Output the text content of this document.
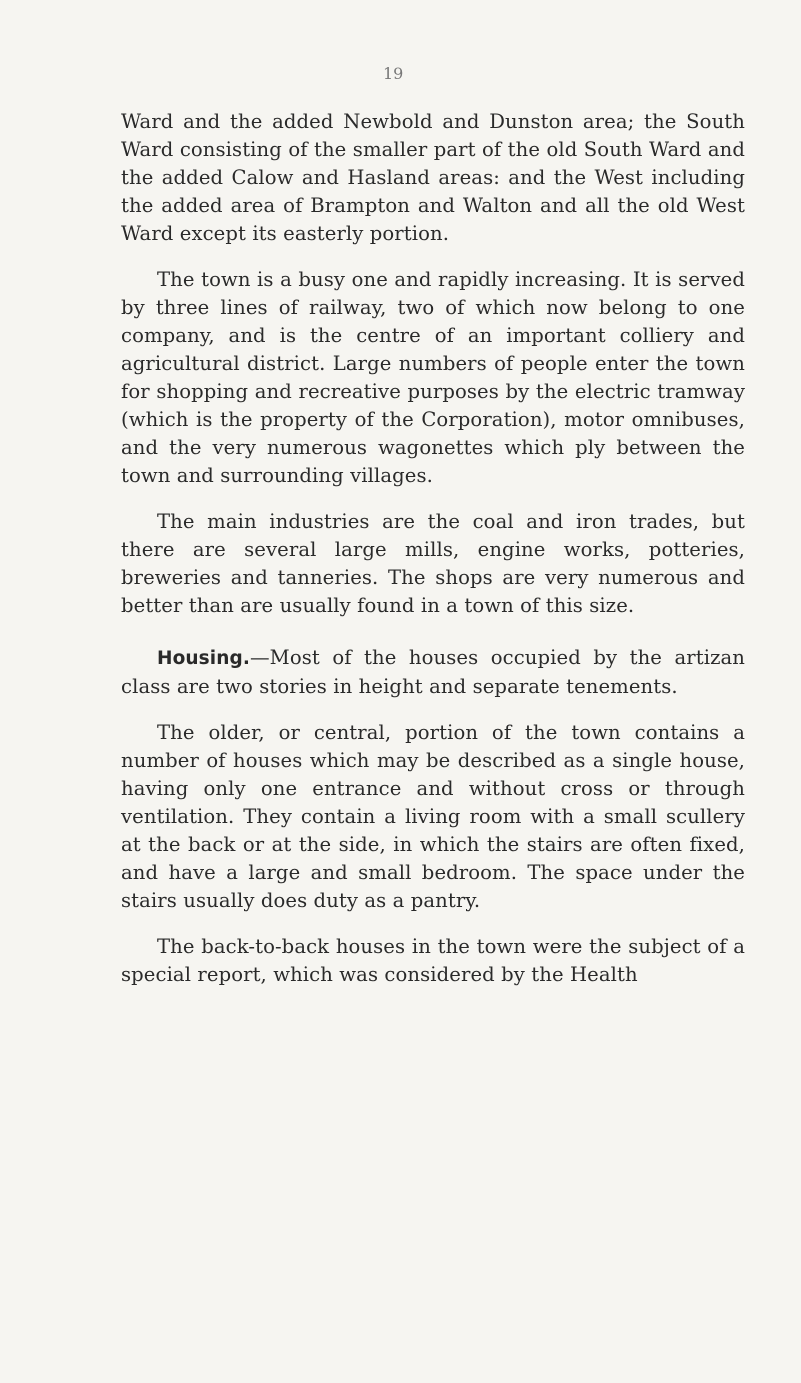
19

Ward and the added Newbold and Dunston area; the South Ward consisting of the smaller part of the old South Ward and the added Calow and Hasland areas: and the West including the added area of Brampton and Walton and all the old West Ward except its easterly portion.

The town is a busy one and rapidly increasing. It is served by three lines of railway, two of which now belong to one company, and is the centre of an important colliery and agricultural district. Large numbers of people enter the town for shopping and recreative purposes by the electric tramway (which is the property of the Corporation), motor omnibuses, and the very numerous wagonettes which ply between the town and surrounding villages.

The main industries are the coal and iron trades, but there are several large mills, engine works, potteries, breweries and tanneries. The shops are very numerous and better than are usually found in a town of this size.

Housing.—Most of the houses occupied by the artizan class are two stories in height and separate tenements.

The older, or central, portion of the town contains a number of houses which may be described as a single house, having only one entrance and without cross or through ventilation. They contain a living room with a small scullery at the back or at the side, in which the stairs are often fixed, and have a large and small bedroom. The space under the stairs usually does duty as a pantry.

The back-to-back houses in the town were the subject of a special report, which was considered by the Health
